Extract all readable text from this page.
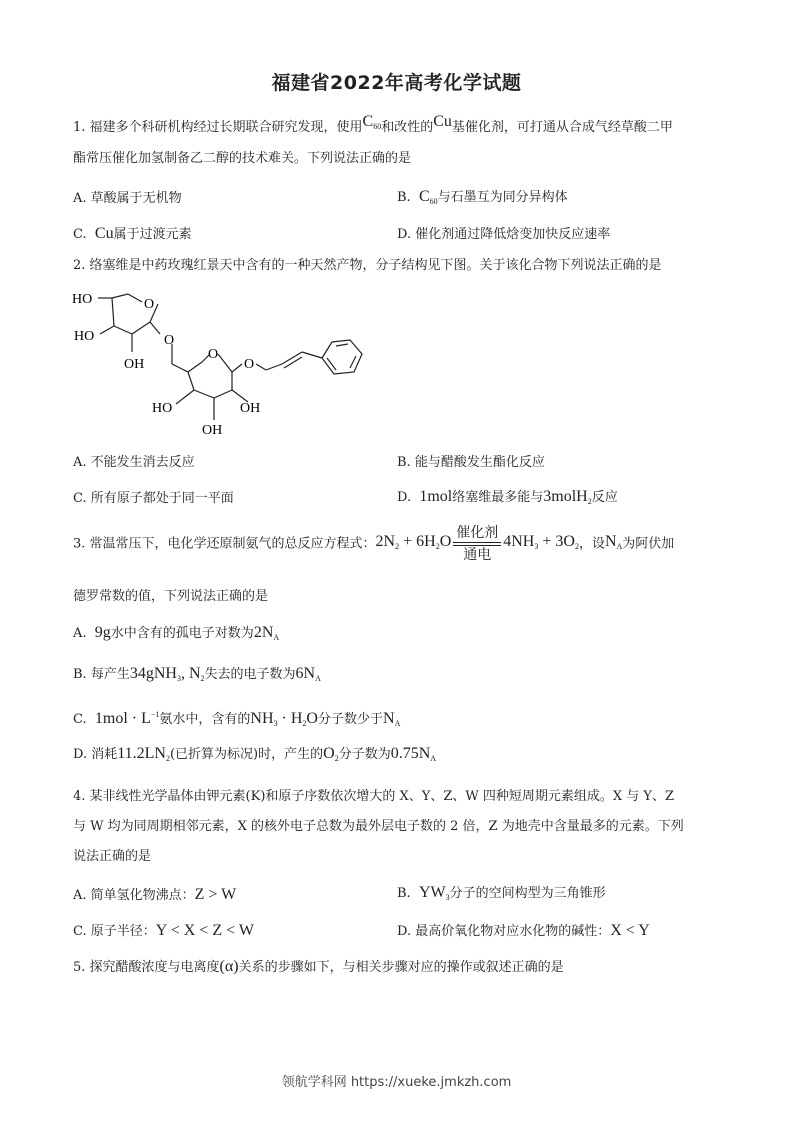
福建省2022年高考化学试题
1. 福建多个科研机构经过长期联合研究发现，使用$C_{60}$和改性的Cu基催化剂，可打通从合成气经草酸二甲
酯常压催化加氢制备乙二醇的技术难关。下列说法正确的是
A. 草酸属于无机物	B. $C_{60}$与石墨互为同分异构体
C. Cu属于过渡元素	D. 催化剂通过降低焓变加快反应速率
2. 络塞维是中药玫瑰红景天中含有的一种天然产物，分子结构见下图。关于该化合物下列说法正确的是
HO	O
HO
OH
O
O
O
HO	OH
OH
A. 不能发生消去反应	B. 能与醋酸发生酯化反应
C. 所有原子都处于同一平面	D. 1mol络塞维最多能与3molH$_2$反应
3. 常温常压下，电化学还原制氨气的总反应方程式：$2N_2 + 6H_2O \frac{\text{催化剂}}{\text{通电}} 4NH_3 + 3O_2$，设$N_A$为阿伏加
德罗常数的值，下列说法正确的是
A. 9g水中含有的孤电子对数为$2N_A$
B. 每产生34gNH$_3$, $N_2$失去的电子数为$6N_A$
C. $1mol \cdot L^{-1}$氨水中，含有的$NH_3 \cdot H_2O$分子数少于$N_A$
D. 消耗$11.2LN_2$(已折算为标况)时，产生的$O_2$分子数为$0.75N_A$
4. 某非线性光学晶体由钾元素(K)和原子序数依次增大的 X、Y、Z、W 四种短周期元素组成。X 与 Y、Z
与 W 均为同周期相邻元素，X 的核外电子总数为最外层电子数的 2 倍，Z 为地壳中含量最多的元素。下列
说法正确的是
A. 简单氢化物沸点：Z > W	B. $YW_3$分子的空间构型为三角锥形
C. 原子半径：Y < X < Z < W	D. 最高价氧化物对应水化物的碱性：X < Y
5. 探究醋酸浓度与电离度(α)关系的步骤如下，与相关步骤对应的操作或叙述正确的是
领航学科网 https://xueke.jmkzh.com
